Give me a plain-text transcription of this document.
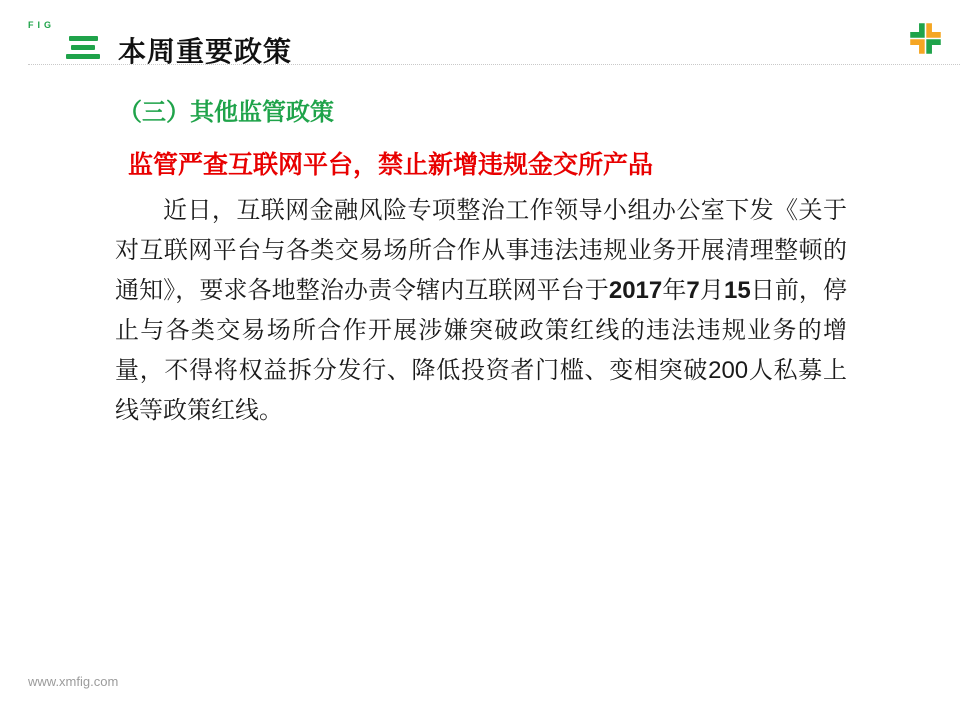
FIG
本周重要政策
（三）其他监管政策
监管严查互联网平台，禁止新增违规金交所产品
近日，互联网金融风险专项整治工作领导小组办公室下发《关于对互联网平台与各类交易场所合作从事违法违规业务开展清理整顿的通知》，要求各地整治办责令辖内互联网平台于2017年7月15日前，停止与各类交易场所合作开展涉嫌突破政策红线的违法违规业务的增量，不得将权益拆分发行、降低投资者门槛、变相突破200人私募上线等政策红线。
www.xmfig.com
